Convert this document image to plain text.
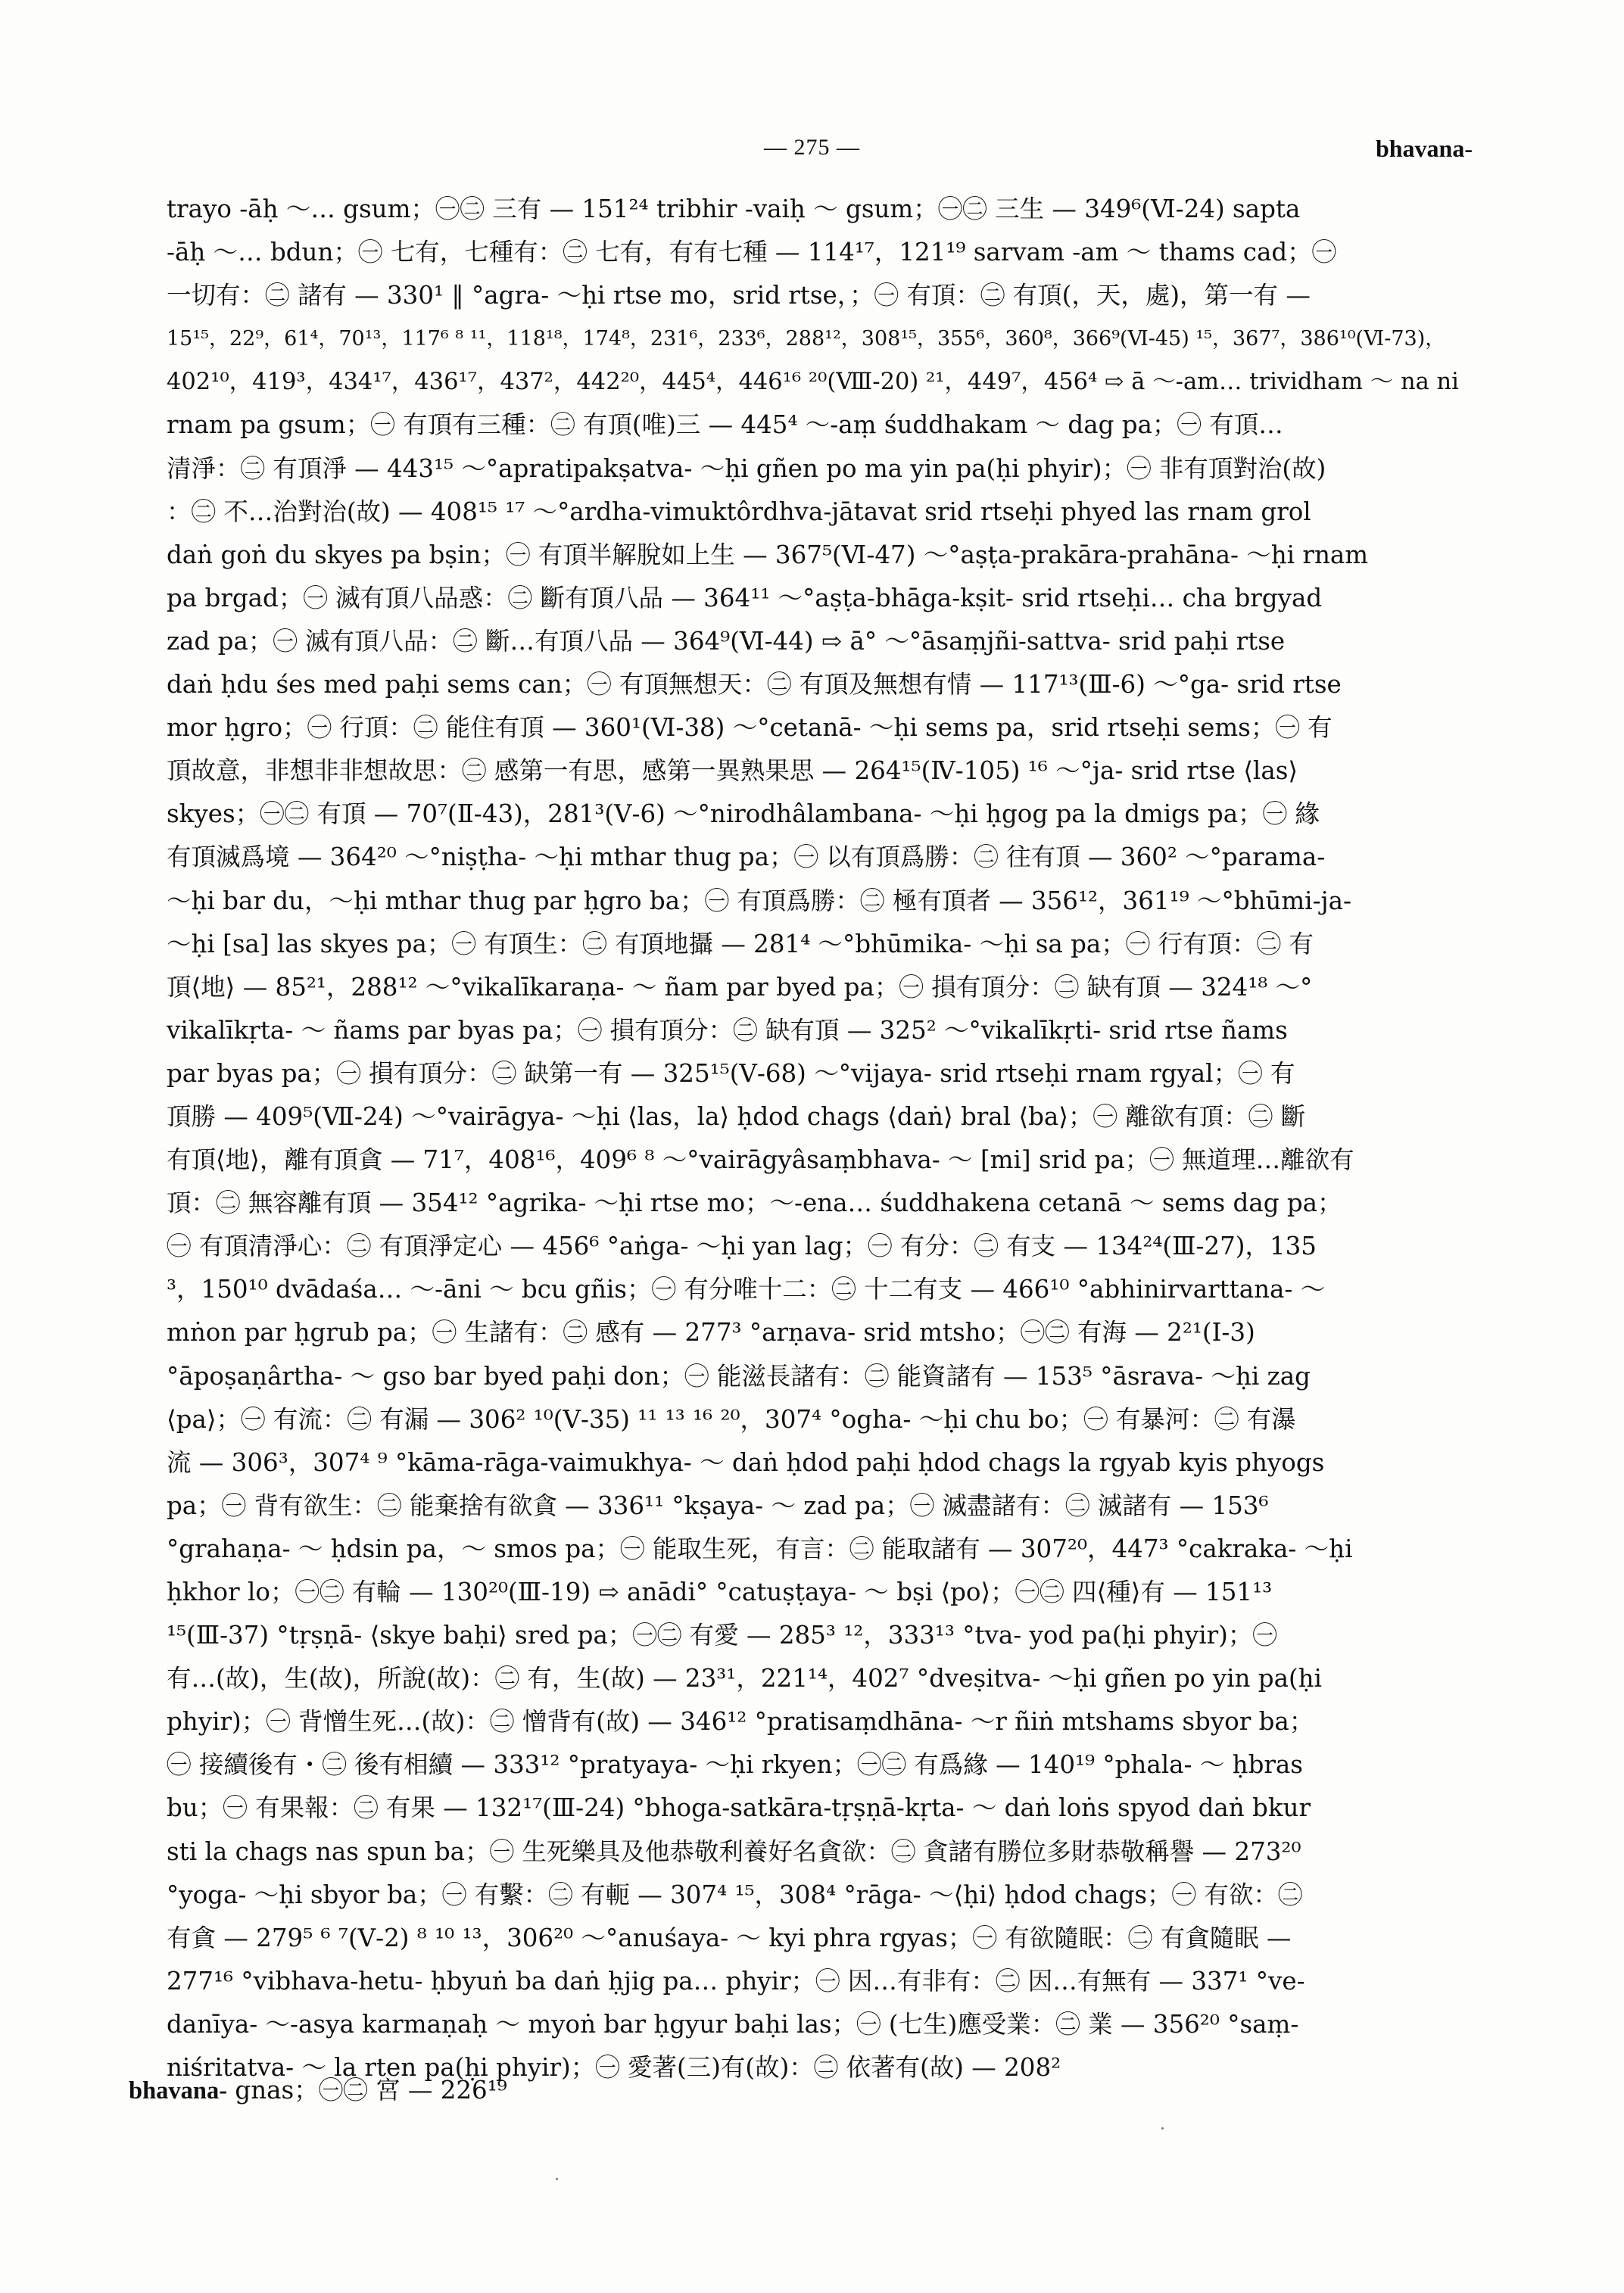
— 275 —	bhavana-
trayo -āḥ ～… gsum；㊀㊁ 三有 — 151²⁴ tribhir -vaiḥ ～ gsum；㊀㊁ 三生 — 349⁶(Ⅵ-24) sapta
-āḥ ～… bdun；㊀ 七有，七種有：㊁ 七有，有有七種 — 114¹⁷，121¹⁹ sarvam -am ～ thams cad；㊀
一切有：㊁ 諸有 — 330¹ ‖ °agra- ～ḥi rtse mo，srid rtse，；㊀ 有頂：㊁ 有頂(，天，處)，第一有 —
15¹⁵，22⁹，61⁴，70¹³，117⁶ ⁸ ¹¹，118¹⁸，174⁸，231⁶，233⁶，288¹²，308¹⁵，355⁶，360⁸，366⁹(Ⅵ-45) ¹⁵，367⁷，386¹⁰(Ⅵ-73)，
402¹⁰，419³，434¹⁷，436¹⁷，437²，442²⁰，445⁴，446¹⁶ ²⁰(Ⅷ-20) ²¹，449⁷，456⁴ ⇨ ā ～-am… trividham ～ na ni
rnam pa gsum；㊀ 有頂有三種：㊁ 有頂(唯)三 — 445⁴ ～-aṃ śuddhakam ～ dag pa；㊀ 有頂…
清淨：㊁ 有頂淨 — 443¹⁵ ～°apratipakṣatva- ～ḥi gñen po ma yin pa(ḥi phyir)；㊀ 非有頂對治(故)
：㊁ 不…治對治(故) — 408¹⁵ ¹⁷ ～°ardha-vimuktôrdhva-jātavat srid rtseḥi phyed las rnam grol
daṅ goṅ du skyes pa bṣin；㊀ 有頂半解脫如上生 — 367⁵(Ⅵ-47) ～°aṣṭa-prakāra-prahāna- ～ḥi rnam
pa brgad；㊀ 滅有頂八品惑：㊁ 斷有頂八品 — 364¹¹ ～°aṣṭa-bhāga-kṣit- srid rtseḥi… cha brgyad
zad pa；㊀ 滅有頂八品：㊁ 斷…有頂八品 — 364⁹(Ⅵ-44) ⇨ ā° ～°āsaṃjñi-sattva- srid paḥi rtse
daṅ ḥdu śes med paḥi sems can；㊀ 有頂無想天：㊁ 有頂及無想有情 — 117¹³(Ⅲ-6) ～°ga- srid rtse
mor ḥgro；㊀ 行頂：㊁ 能住有頂 — 360¹(Ⅵ-38) ～°cetanā- ～ḥi sems pa，srid rtseḥi sems；㊀ 有
頂故意，非想非非想故思：㊁ 感第一有思，感第一異熟果思 — 264¹⁵(Ⅳ-105) ¹⁶ ～°ja- srid rtse ⟨las⟩
skyes；㊀㊁ 有頂 — 70⁷(Ⅱ-43)，281³(Ⅴ-6) ～°nirodhâlambana- ～ḥi ḥgog pa la dmigs pa；㊀ 緣
有頂滅爲境 — 364²⁰ ～°niṣṭha- ～ḥi mthar thug pa；㊀ 以有頂爲勝：㊁ 往有頂 — 360² ～°parama-
～ḥi bar du，～ḥi mthar thug par ḥgro ba；㊀ 有頂爲勝：㊁ 極有頂者 — 356¹²，361¹⁹ ～°bhūmi-ja-
～ḥi [sa] las skyes pa；㊀ 有頂生：㊁ 有頂地攝 — 281⁴ ～°bhūmika- ～ḥi sa pa；㊀ 行有頂：㊁ 有
頂⟨地⟩ — 85²¹，288¹² ～°vikalīkaraṇa- ～ ñam par byed pa；㊀ 損有頂分：㊁ 缺有頂 — 324¹⁸ ～°
vikalīkṛta- ～ ñams par byas pa；㊀ 損有頂分：㊁ 缺有頂 — 325² ～°vikalīkṛti- srid rtse ñams
par byas pa；㊀ 損有頂分：㊁ 缺第一有 — 325¹⁵(Ⅴ-68) ～°vijaya- srid rtseḥi rnam rgyal；㊀ 有
頂勝 — 409⁵(Ⅶ-24) ～°vairāgya- ～ḥi ⟨las，la⟩ ḥdod chags ⟨daṅ⟩ bral ⟨ba⟩；㊀ 離欲有頂：㊁ 斷
有頂⟨地⟩，離有頂貪 — 71⁷，408¹⁶，409⁶ ⁸ ～°vairāgyâsaṃbhava- ～ [mi] srid pa；㊀ 無道理…離欲有
頂：㊁ 無容離有頂 — 354¹² °agrika- ～ḥi rtse mo；～-ena… śuddhakena cetanā ～ sems dag pa；
㊀ 有頂清淨心：㊁ 有頂淨定心 — 456⁶ °aṅga- ～ḥi yan lag；㊀ 有分：㊁ 有支 — 134²⁴(Ⅲ-27)，135
³，150¹⁰ dvādaśa… ～-āni ～ bcu gñis；㊀ 有分唯十二：㊁ 十二有支 — 466¹⁰ °abhinirvarttana- ～
mṅon par ḥgrub pa；㊀ 生諸有：㊁ 感有 — 277³ °arṇava- srid mtsho；㊀㊁ 有海 — 2²¹(Ⅰ-3)
°āpoṣaṇârtha- ～ gso bar byed paḥi don；㊀ 能滋長諸有：㊁ 能資諸有 — 153⁵ °āsrava- ～ḥi zag
⟨pa⟩；㊀ 有流：㊁ 有漏 — 306² ¹⁰(Ⅴ-35) ¹¹ ¹³ ¹⁶ ²⁰，307⁴ °ogha- ～ḥi chu bo；㊀ 有暴河：㊁ 有瀑
流 — 306³，307⁴ ⁹ °kāma-rāga-vaimukhya- ～ daṅ ḥdod paḥi ḥdod chags la rgyab kyis phyogs
pa；㊀ 背有欲生：㊁ 能棄捨有欲貪 — 336¹¹ °kṣaya- ～ zad pa；㊀ 滅盡諸有：㊁ 滅諸有 — 153⁶
°grahaṇa- ～ ḥdsin pa，～ smos pa；㊀ 能取生死，有言：㊁ 能取諸有 — 307²⁰，447³ °cakraka- ～ḥi
ḥkhor lo；㊀㊁ 有輪 — 130²⁰(Ⅲ-19) ⇨ anādi° °catuṣṭaya- ～ bṣi ⟨po⟩；㊀㊁ 四⟨種⟩有 — 151¹³
¹⁵(Ⅲ-37) °tṛṣṇā- ⟨skye baḥi⟩ sred pa；㊀㊁ 有愛 — 285³ ¹²，333¹³ °tva- yod pa(ḥi phyir)；㊀
有…(故)，生(故)，所說(故)：㊁ 有，生(故) — 23³¹，221¹⁴，402⁷ °dveṣitva- ～ḥi gñen po yin pa(ḥi
phyir)；㊀ 背憎生死…(故)：㊁ 憎背有(故) — 346¹² °pratisaṃdhāna- ～r ñiṅ mtshams sbyor ba；
㊀ 接續後有・㊁ 後有相續 — 333¹² °pratyaya- ～ḥi rkyen；㊀㊁ 有爲緣 — 140¹⁹ °phala- ～ ḥbras
bu；㊀ 有果報：㊁ 有果 — 132¹⁷(Ⅲ-24) °bhoga-satkāra-tṛṣṇā-kṛta- ～ daṅ loṅs spyod daṅ bkur
sti la chags nas spun ba；㊀ 生死樂具及他恭敬利養好名貪欲：㊁ 貪諸有勝位多財恭敬稱譽 — 273²⁰
°yoga- ～ḥi sbyor ba；㊀ 有繫：㊁ 有軛 — 307⁴ ¹⁵，308⁴ °rāga- ～⟨ḥi⟩ ḥdod chags；㊀ 有欲：㊁
有貪 — 279⁵ ⁶ ⁷(Ⅴ-2) ⁸ ¹⁰ ¹³，306²⁰ ～°anuśaya- ～ kyi phra rgyas；㊀ 有欲隨眠：㊁ 有貪隨眠 —
277¹⁶ °vibhava-hetu- ḥbyuṅ ba daṅ ḥjig pa… phyir；㊀ 因…有非有：㊁ 因…有無有 — 337¹ °ve-
danīya- ～-asya karmaṇaḥ ～ myoṅ bar ḥgyur baḥi las；㊀ (七生)應受業：㊁ 業 — 356²⁰ °saṃ-
niśritatva- ～ la rten pa(ḥi phyir)；㊀ 愛著(三)有(故)：㊁ 依著有(故) — 208²
bhavana- gnas；㊀㊁ 宮 — 226¹⁹
